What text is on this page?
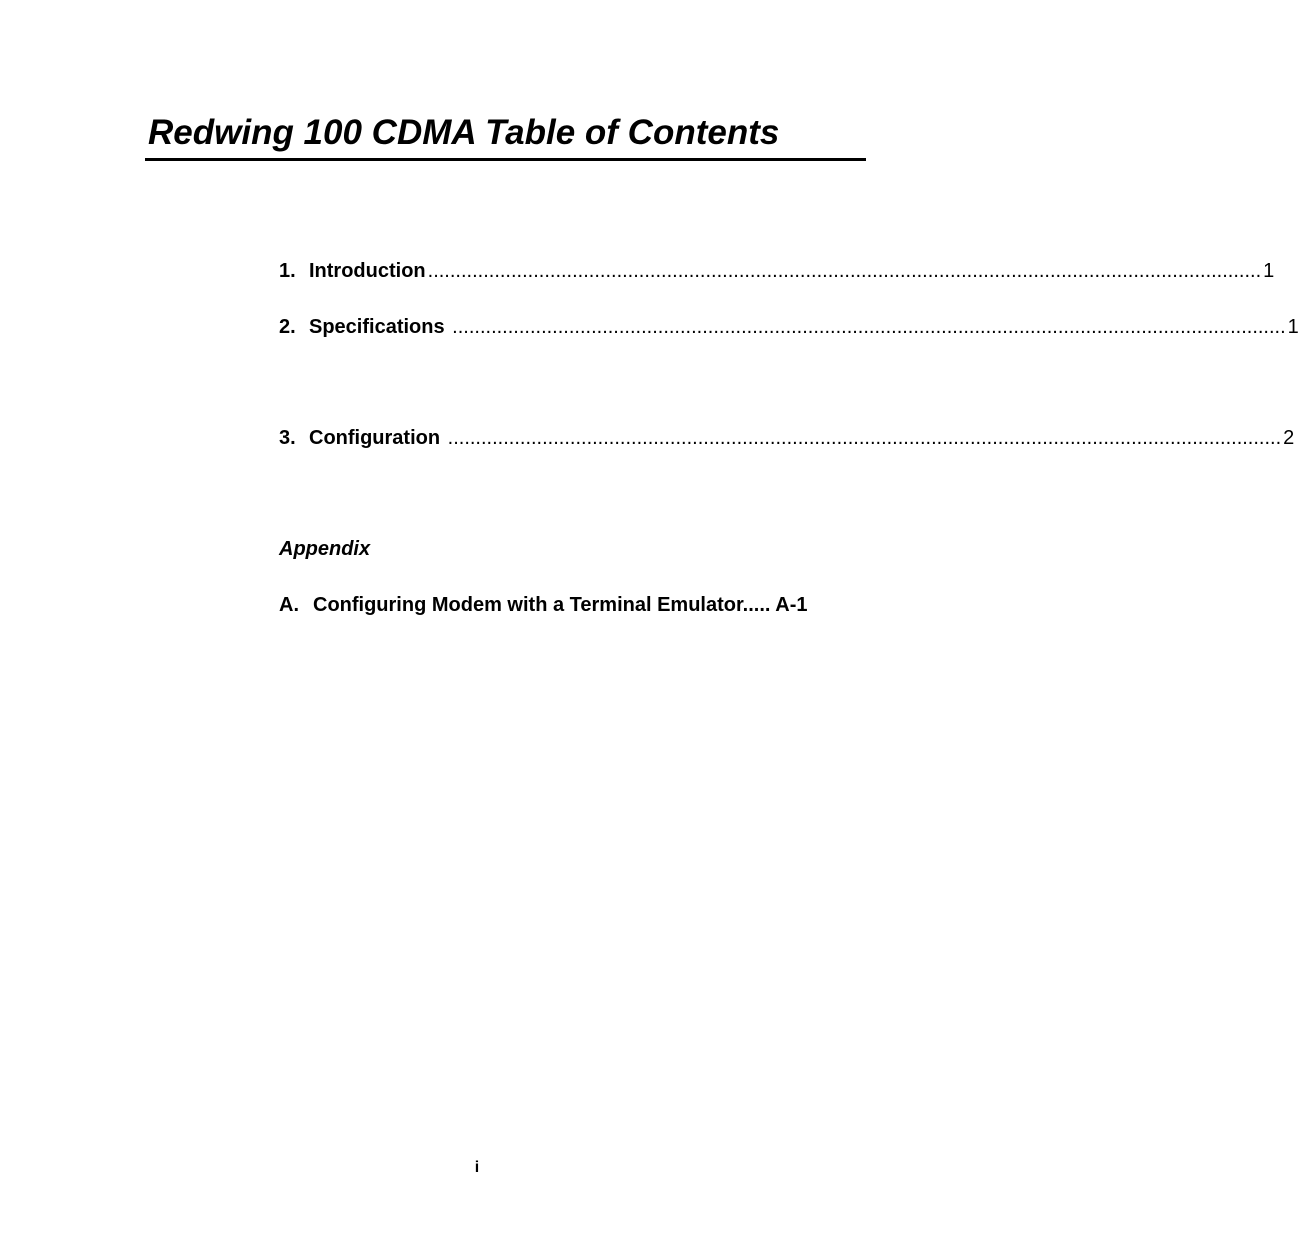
Redwing 100 CDMA Table of Contents
1. Introduction ...................................................................................................................................................... 1
2. Specifications ...................................................................................................................................................... 1
3. Configuration ...................................................................................................................................................... 2
Appendix
A. Configuring Modem with a Terminal Emulator..... A-1
i
